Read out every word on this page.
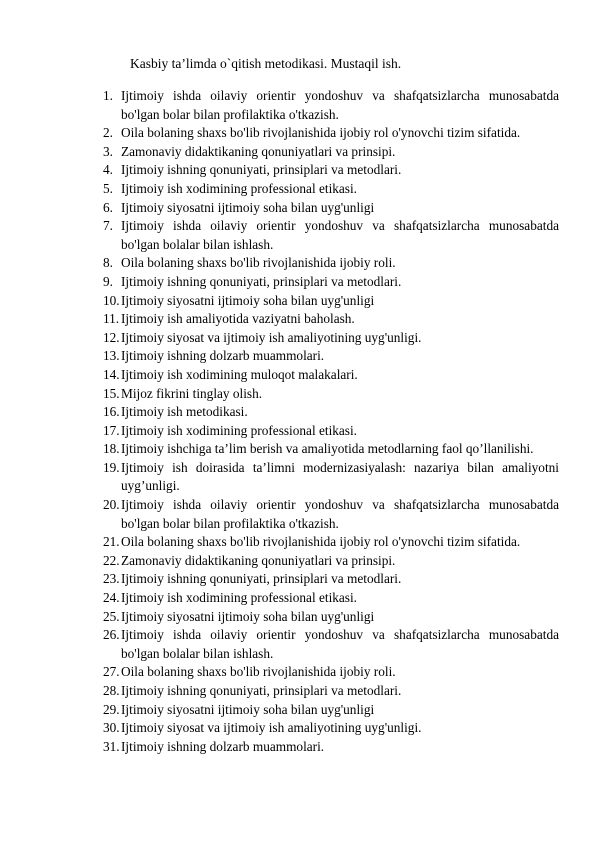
Kasbiy ta’limda o`qitish metodikasi. Mustaqil ish.
1. Ijtimoiy ishda oilaviy orientir yondoshuv va shafqatsizlarcha munosabatda bo'lgan bolar bilan profilaktika o'tkazish.
2. Oila bolaning shaxs bo'lib rivojlanishida ijobiy rol o'ynovchi tizim sifatida.
3. Zamonaviy didaktikaning qonuniyatlari va prinsipi.
4. Ijtimoiy ishning qonuniyati, prinsiplari va metodlari.
5. Ijtimoiy ish xodimining professional etikasi.
6. Ijtimoiy siyosatni ijtimoiy soha bilan uyg'unligi
7. Ijtimoiy ishda oilaviy orientir yondoshuv va shafqatsizlarcha munosabatda bo'lgan bolalar bilan ishlash.
8. Oila bolaning shaxs bo'lib rivojlanishida ijobiy roli.
9. Ijtimoiy ishning qonuniyati, prinsiplari va metodlari.
10. Ijtimoiy siyosatni ijtimoiy soha bilan uyg'unligi
11. Ijtimoiy ish amaliyotida vaziyatni baholash.
12. Ijtimoiy siyosat va ijtimoiy ish amaliyotining uyg'unligi.
13. Ijtimoiy ishning dolzarb muammolari.
14. Ijtimoiy ish xodimining muloqot malakalari.
15. Mijoz fikrini tinglay olish.
16. Ijtimoiy ish metodikasi.
17. Ijtimoiy ish xodimining professional etikasi.
18. Ijtimoiy ishchiga ta’lim berish va amaliyotida metodlarning faol qo’llanilishi.
19. Ijtimoiy ish doirasida ta’limni modernizasiyalash: nazariya bilan amaliyotni uyg’unligi.
20. Ijtimoiy ishda oilaviy orientir yondoshuv va shafqatsizlarcha munosabatda bo'lgan bolar bilan profilaktika o'tkazish.
21. Oila bolaning shaxs bo'lib rivojlanishida ijobiy rol o'ynovchi tizim sifatida.
22. Zamonaviy didaktikaning qonuniyatlari va prinsipi.
23. Ijtimoiy ishning qonuniyati, prinsiplari va metodlari.
24. Ijtimoiy ish xodimining professional etikasi.
25. Ijtimoiy siyosatni ijtimoiy soha bilan uyg'unligi
26. Ijtimoiy ishda oilaviy orientir yondoshuv va shafqatsizlarcha munosabatda bo'lgan bolalar bilan ishlash.
27. Oila bolaning shaxs bo'lib rivojlanishida ijobiy roli.
28. Ijtimoiy ishning qonuniyati, prinsiplari va metodlari.
29. Ijtimoiy siyosatni ijtimoiy soha bilan uyg'unligi
30. Ijtimoiy siyosat va ijtimoiy ish amaliyotining uyg'unligi.
31. Ijtimoiy ishning dolzarb muammolari.
